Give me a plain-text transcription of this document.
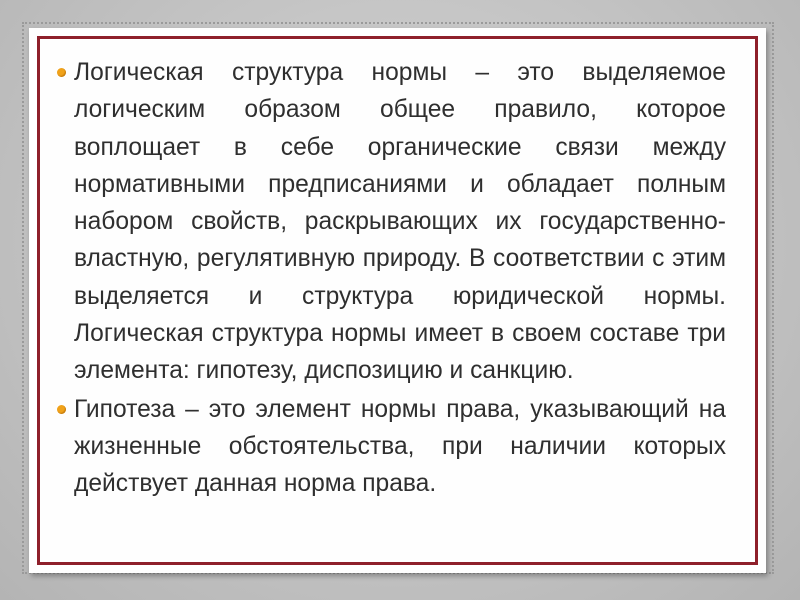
Логическая структура нормы – это выделяемое логическим образом общее правило, которое воплощает в себе органические связи между нормативными предписаниями и обладает полным набором свойств, раскрывающих их государственно-властную, регулятивную природу. В соответствии с этим выделяется и структура юридической нормы. Логическая структура нормы имеет в своем составе три элемента: гипотезу, диспозицию и санкцию.
Гипотеза – это элемент нормы права, указывающий на жизненные обстоятельства, при наличии которых действует данная норма права.
